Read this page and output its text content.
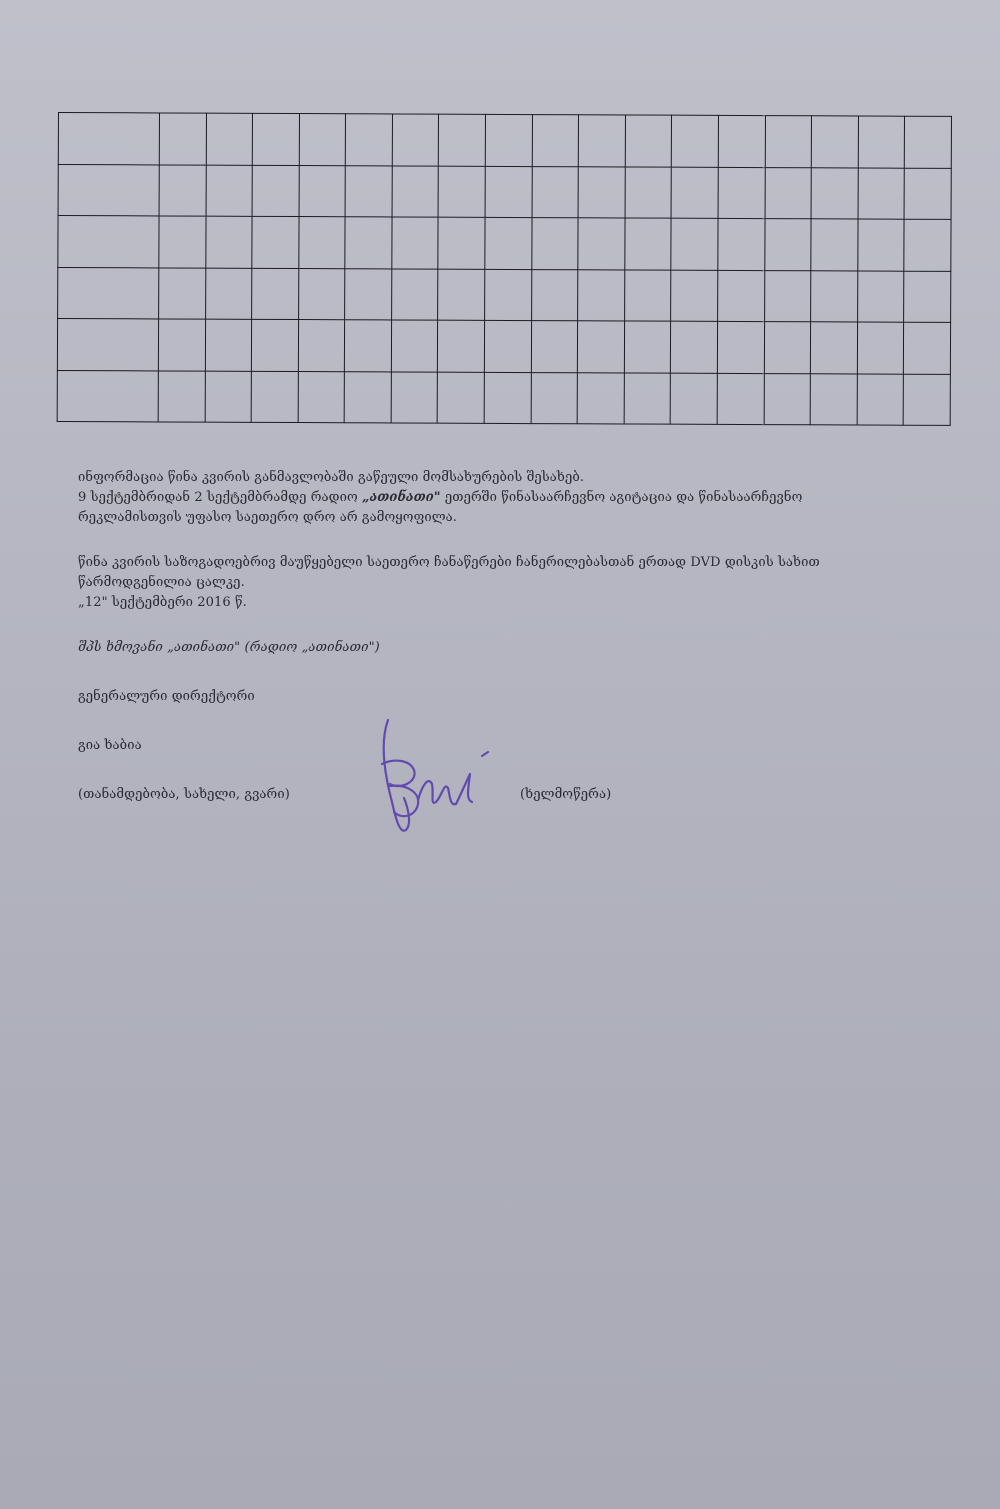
ინფორმაცია წინა კვირის განმავლობაში გაწეული მომსახურების შესახებ.
9 სექტემბრიდან 2 სექტემბრამდე რადიო „ათინათი" ეთერში წინასაარჩევნო აგიტაცია და წინასაარჩევნო
რეკლამისთვის უფასო საეთერო დრო არ გამოყოფილა.
წინა კვირის საზოგადოებრივ მაუწყებელი საეთერო ჩანაწერები ჩანერილებასთან ერთად DVD დისკის სახით
წარმოდგენილია ცალკე.
„12" სექტემბერი 2016 წ.
შპს ხმოვანი „ათინათი" (რადიო „ათინათი")
გენერალური დირექტორი
გია ხაბია
(თანამდებობა, სახელი, გვარი)	(ხელმოწერა)
